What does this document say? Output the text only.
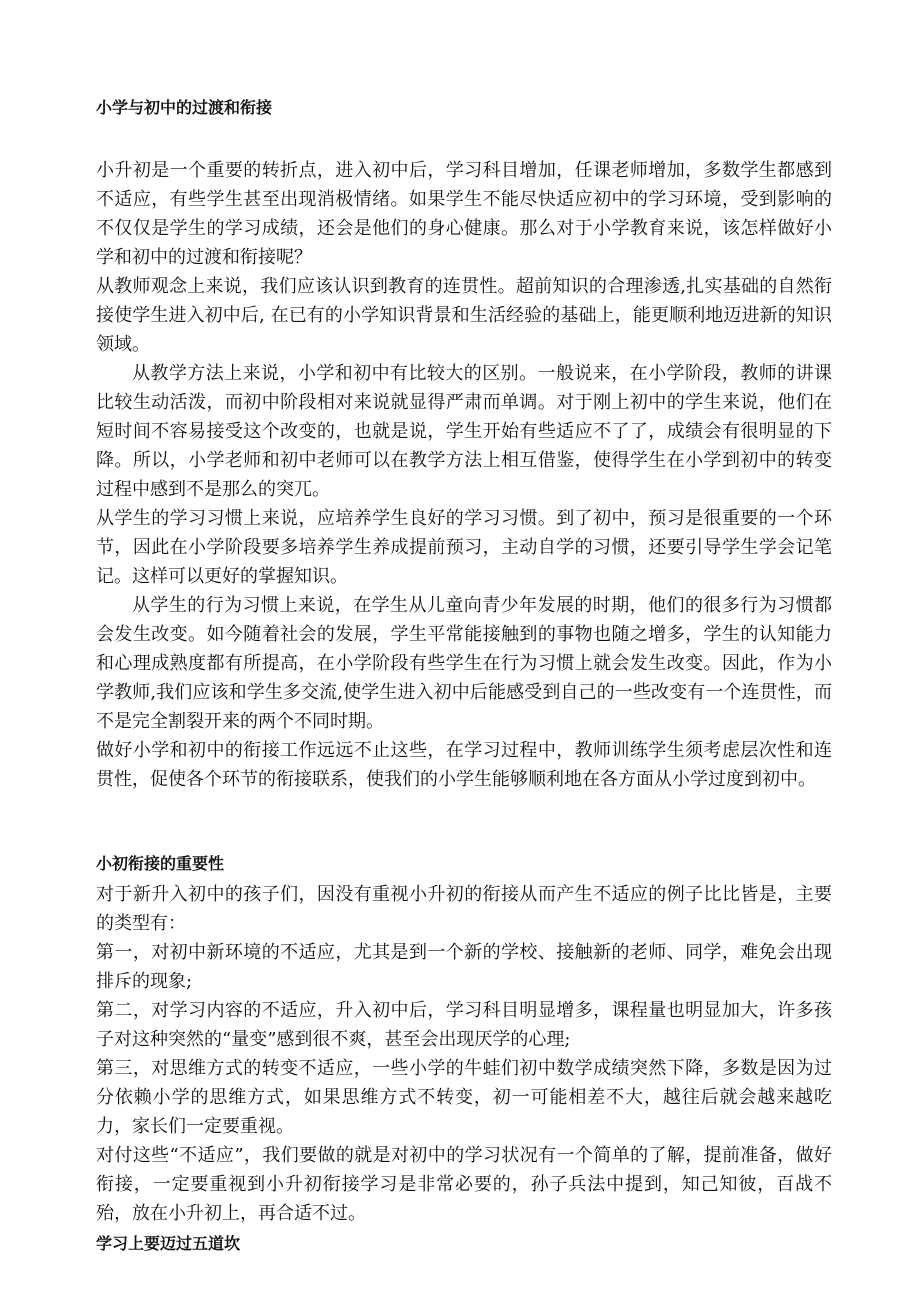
小学与初中的过渡和衔接

小升初是一个重要的转折点，进入初中后，学习科目增加，任课老师增加，多数学生都感到不适应，有些学生甚至出现消极情绪。如果学生不能尽快适应初中的学习环境，受到影响的不仅仅是学生的学习成绩，还会是他们的身心健康。那么对于小学教育来说，该怎样做好小学和初中的过渡和衔接呢？

从教师观念上来说，我们应该认识到教育的连贯性。超前知识的合理渗透,扎实基础的自然衔接使学生进入初中后, 在已有的小学知识背景和生活经验的基础上，能更顺利地迈进新的知识领域。

从教学方法上来说，小学和初中有比较大的区别。一般说来，在小学阶段，教师的讲课比较生动活泼，而初中阶段相对来说就显得严肃而单调。对于刚上初中的学生来说，他们在短时间不容易接受这个改变的，也就是说，学生开始有些适应不了了，成绩会有很明显的下降。所以，小学老师和初中老师可以在教学方法上相互借鉴，使得学生在小学到初中的转变过程中感到不是那么的突兀。

从学生的学习习惯上来说，应培养学生良好的学习习惯。到了初中，预习是很重要的一个环节，因此在小学阶段要多培养学生养成提前预习，主动自学的习惯，还要引导学生学会记笔记。这样可以更好的掌握知识。

从学生的行为习惯上来说，在学生从儿童向青少年发展的时期，他们的很多行为习惯都会发生改变。如今随着社会的发展，学生平常能接触到的事物也随之增多，学生的认知能力和心理成熟度都有所提高，在小学阶段有些学生在行为习惯上就会发生改变。因此，作为小学教师,我们应该和学生多交流,使学生进入初中后能感受到自己的一些改变有一个连贯性，而不是完全割裂开来的两个不同时期。

做好小学和初中的衔接工作远远不止这些，在学习过程中，教师训练学生须考虑层次性和连贯性，促使各个环节的衔接联系，使我们的小学生能够顺利地在各方面从小学过度到初中。

小初衔接的重要性

对于新升入初中的孩子们，因没有重视小升初的衔接从而产生不适应的例子比比皆是，主要的类型有：

第一，对初中新环境的不适应，尤其是到一个新的学校、接触新的老师、同学，难免会出现排斥的现象;

第二，对学习内容的不适应，升入初中后，学习科目明显增多，课程量也明显加大，许多孩子对这种突然的“量变”感到很不爽，甚至会出现厌学的心理;

第三，对思维方式的转变不适应，一些小学的牛蛙们初中数学成绩突然下降，多数是因为过分依赖小学的思维方式，如果思维方式不转变，初一可能相差不大，越往后就会越来越吃力，家长们一定要重视。

对付这些“不适应”，我们要做的就是对初中的学习状况有一个简单的了解，提前准备，做好衔接，一定要重视到小升初衔接学习是非常必要的，孙子兵法中提到，知己知彼，百战不殆，放在小升初上，再合适不过。

学习上要迈过五道坎
